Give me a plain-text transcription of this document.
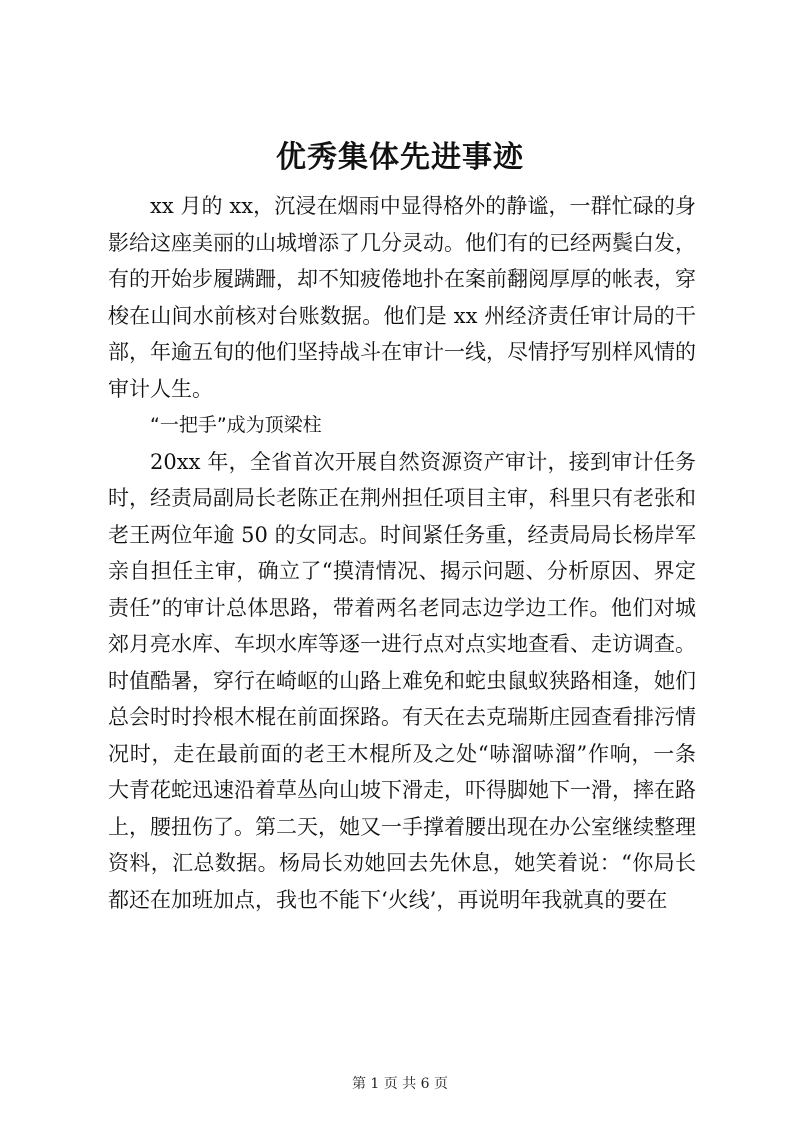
优秀集体先进事迹

xx 月的 xx，沉浸在烟雨中显得格外的静谧，一群忙碌的身影给这座美丽的山城增添了几分灵动。他们有的已经两鬓白发，有的开始步履蹒跚，却不知疲倦地扑在案前翻阅厚厚的帐表，穿梭在山间水前核对台账数据。他们是 xx 州经济责任审计局的干部，年逾五旬的他们坚持战斗在审计一线，尽情抒写别样风情的审计人生。

“一把手”成为顶梁柱

20xx 年，全省首次开展自然资源资产审计，接到审计任务时，经责局副局长老陈正在荆州担任项目主审，科里只有老张和老王两位年逾 50 的女同志。时间紧任务重，经责局局长杨岸军亲自担任主审，确立了“摸清情况、揭示问题、分析原因、界定责任”的审计总体思路，带着两名老同志边学边工作。他们对城郊月亮水库、车坝水库等逐一进行点对点实地查看、走访调查。时值酷暑，穿行在崎岖的山路上难免和蛇虫鼠蚁狭路相逢，她们总会时时拎根木棍在前面探路。有天在去克瑞斯庄园查看排污情况时，走在最前面的老王木棍所及之处“哧溜哧溜”作响，一条大青花蛇迅速沿着草丛向山坡下滑走，吓得脚她下一滑，摔在路上，腰扭伤了。第二天，她又一手撑着腰出现在办公室继续整理资料，汇总数据。杨局长劝她回去先休息，她笑着说：“你局长都还在加班加点，我也不能下‘火线’，再说明年我就真的要在

第 1 页 共 6 页
